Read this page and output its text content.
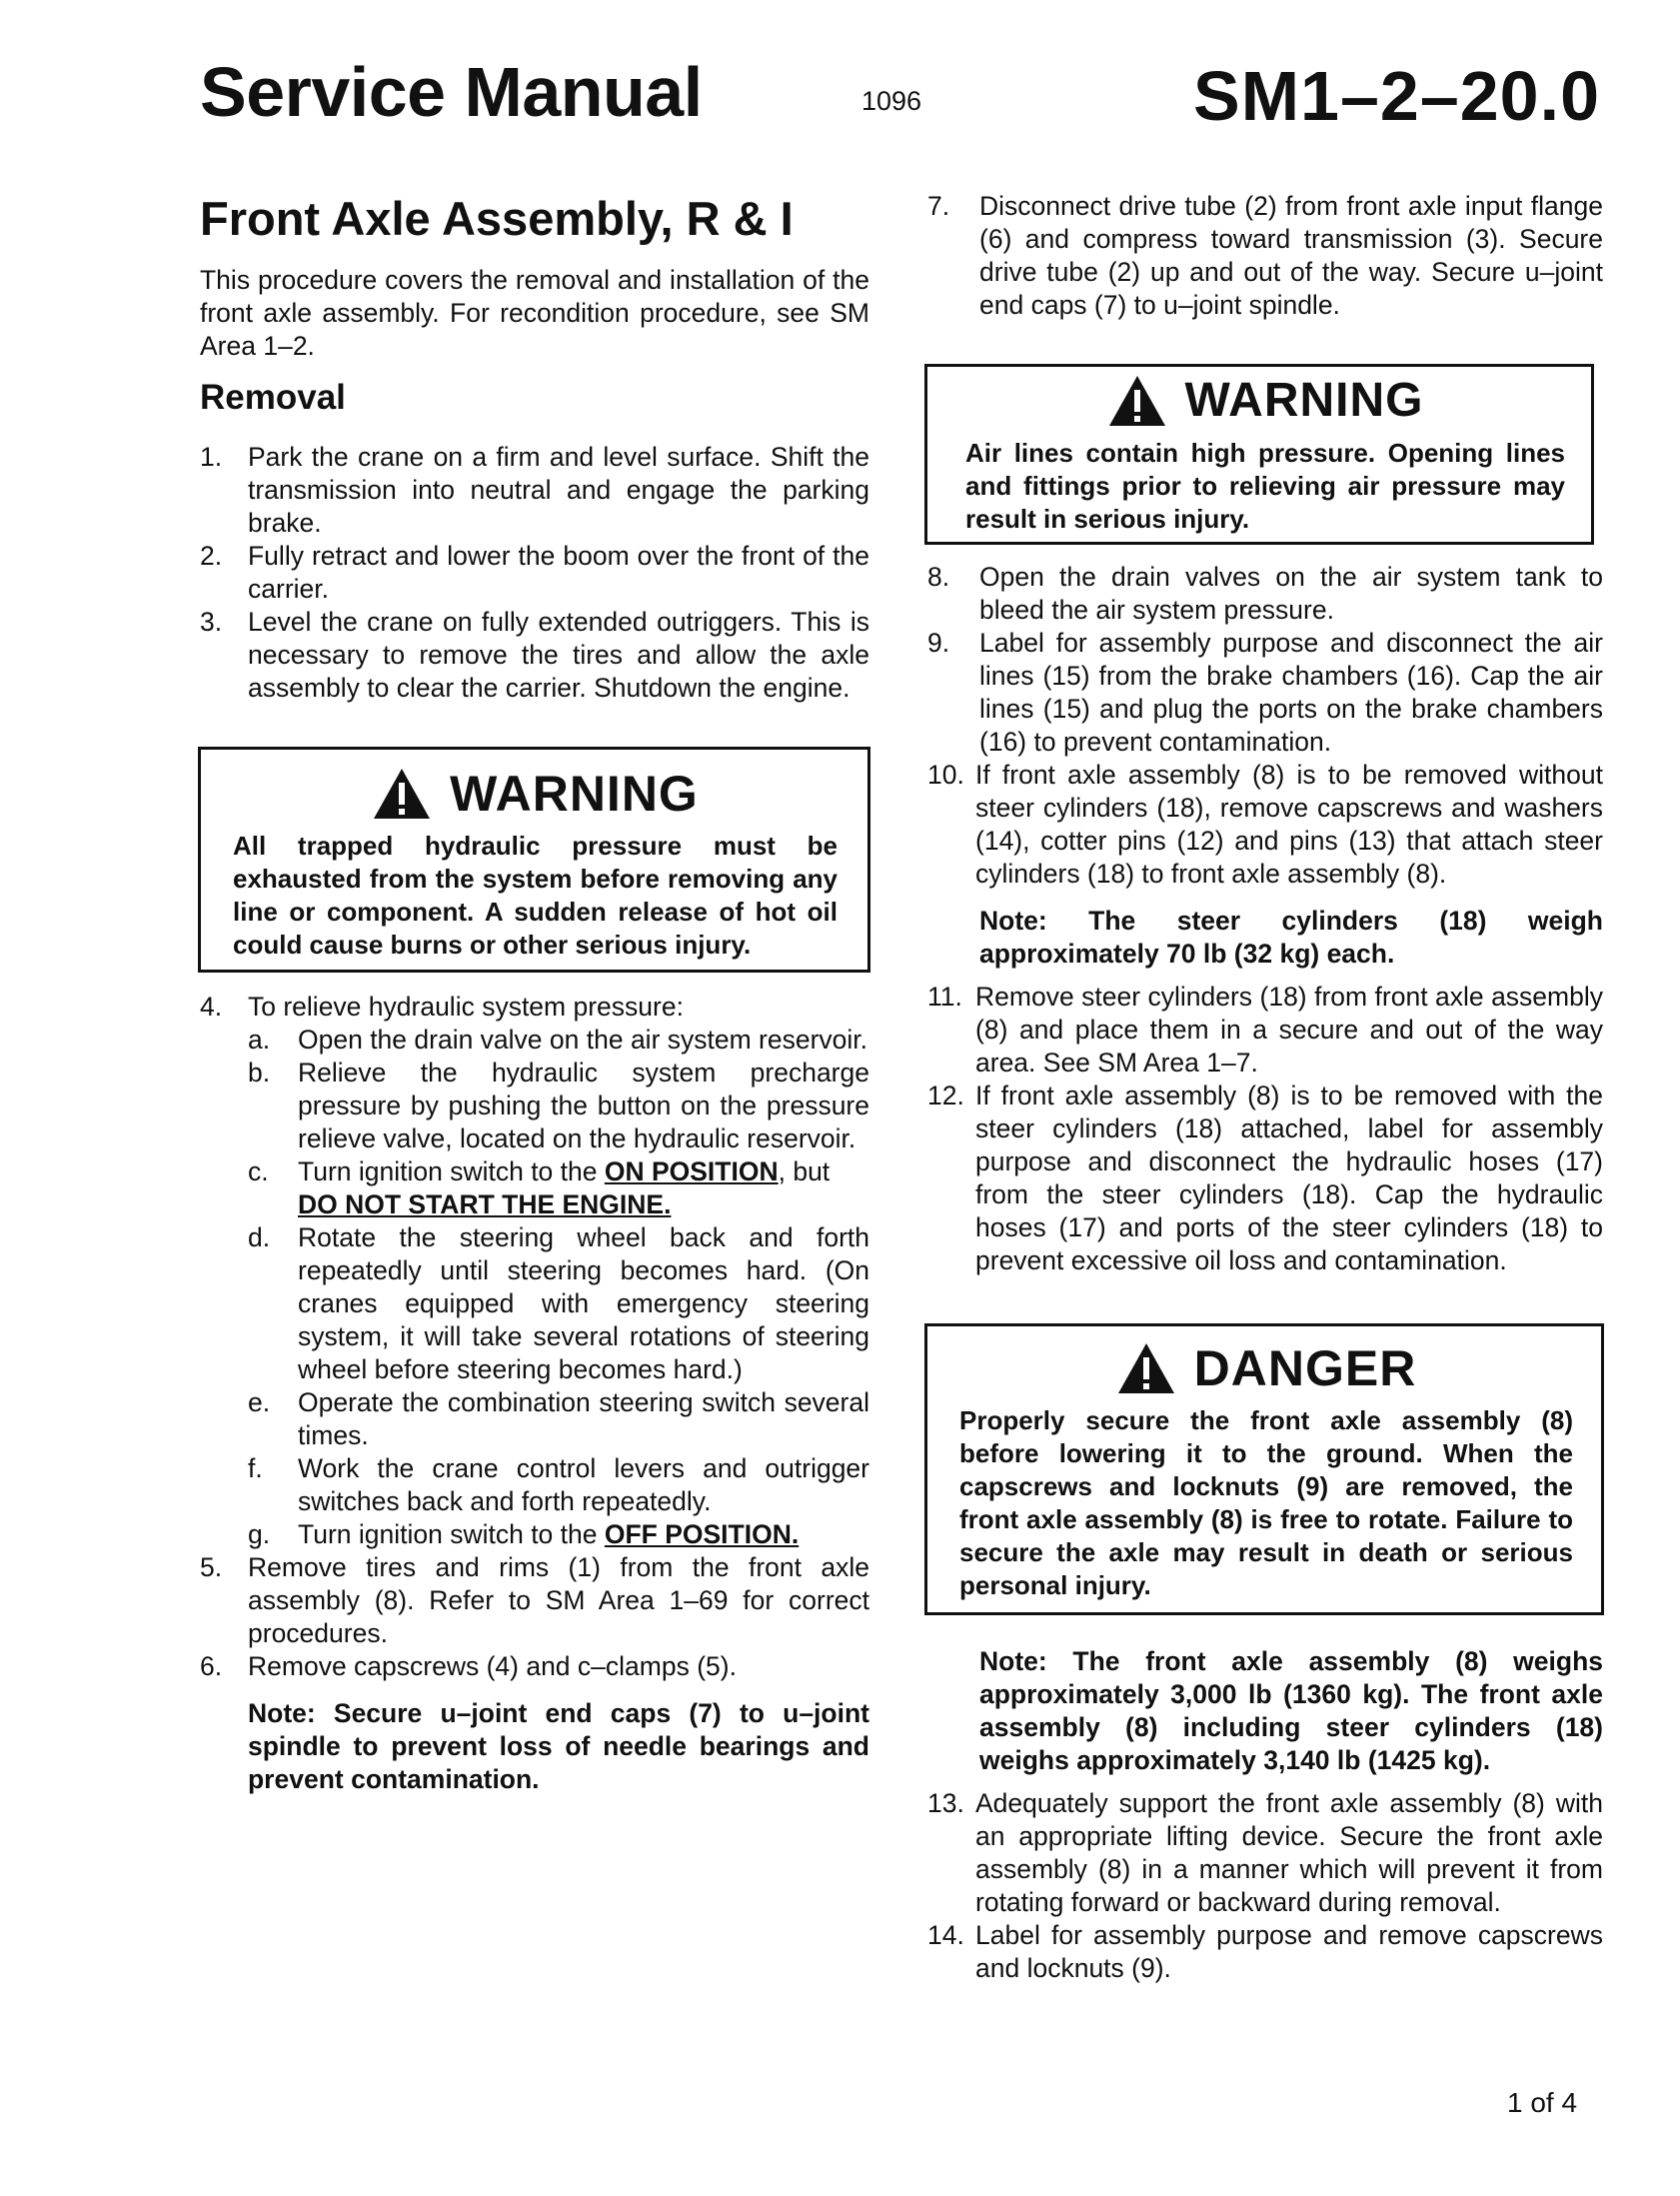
Service Manual	1096	SM1–2–20.0
Front Axle Assembly, R & I

This procedure covers the removal and installation of the front axle assembly. For recondition procedure, see SM Area 1–2.

Removal
1. Park the crane on a firm and level surface. Shift the transmission into neutral and engage the parking brake.
2. Fully retract and lower the boom over the front of the carrier.
3. Level the crane on fully extended outriggers. This is necessary to remove the tires and allow the axle assembly to clear the carrier. Shutdown the engine.
WARNING
All trapped hydraulic pressure must be exhausted from the system before removing any line or component. A sudden release of hot oil could cause burns or other serious injury.
4. To relieve hydraulic system pressure:
a.	Open the drain valve on the air system reservoir.
b.	Relieve the hydraulic system precharge pressure by pushing the button on the pressure relieve valve, located on the hydraulic reservoir.
c.	Turn ignition switch to the ON POSITION, but
DO NOT START THE ENGINE.
d.	Rotate the steering wheel back and forth repeatedly until steering becomes hard. (On cranes equipped with emergency steering system, it will take several rotations of steering wheel before steering becomes hard.)
e.	Operate the combination steering switch several times.
f.	Work the crane control levers and outrigger switches back and forth repeatedly.
g.	Turn ignition switch to the OFF POSITION.
5. Remove tires and rims (1) from the front axle assembly (8). Refer to SM Area 1–69 for correct procedures.
6. Remove capscrews (4) and c–clamps (5).
Note: Secure u–joint end caps (7) to u–joint spindle to prevent loss of needle bearings and prevent contamination.
7.	Disconnect drive tube (2) from front axle input flange (6) and compress toward transmission (3). Secure drive tube (2) up and out of the way. Secure u–joint end caps (7) to u–joint spindle.
WARNING
Air lines contain high pressure. Opening lines and fittings prior to relieving air pressure may result in serious injury.
8.	Open the drain valves on the air system tank to bleed the air system pressure.
9.	Label for assembly purpose and disconnect the air lines (15) from the brake chambers (16). Cap the air lines (15) and plug the ports on the brake chambers (16) to prevent contamination.
10. If front axle assembly (8) is to be removed without steer cylinders (18), remove capscrews and washers (14), cotter pins (12) and pins (13) that attach steer cylinders (18) to front axle assembly (8).
Note: The steer cylinders (18) weigh approximately 70 lb (32 kg) each.
11. Remove steer cylinders (18) from front axle assembly (8) and place them in a secure and out of the way area. See SM Area 1–7.
12. If front axle assembly (8) is to be removed with the steer cylinders (18) attached, label for assembly purpose and disconnect the hydraulic hoses (17) from the steer cylinders (18). Cap the hydraulic hoses (17) and ports of the steer cylinders (18) to prevent excessive oil loss and contamination.
DANGER
Properly secure the front axle assembly (8) before lowering it to the ground. When the capscrews and locknuts (9) are removed, the front axle assembly (8) is free to rotate. Failure to secure the axle may result in death or serious personal injury.
Note: The front axle assembly (8) weighs approximately 3,000 lb (1360 kg). The front axle assembly (8) including steer cylinders (18) weighs approximately 3,140 lb (1425 kg).
13. Adequately support the front axle assembly (8) with an appropriate lifting device. Secure the front axle assembly (8) in a manner which will prevent it from rotating forward or backward during removal.
14. Label for assembly purpose and remove capscrews and locknuts (9).
1 of 4
